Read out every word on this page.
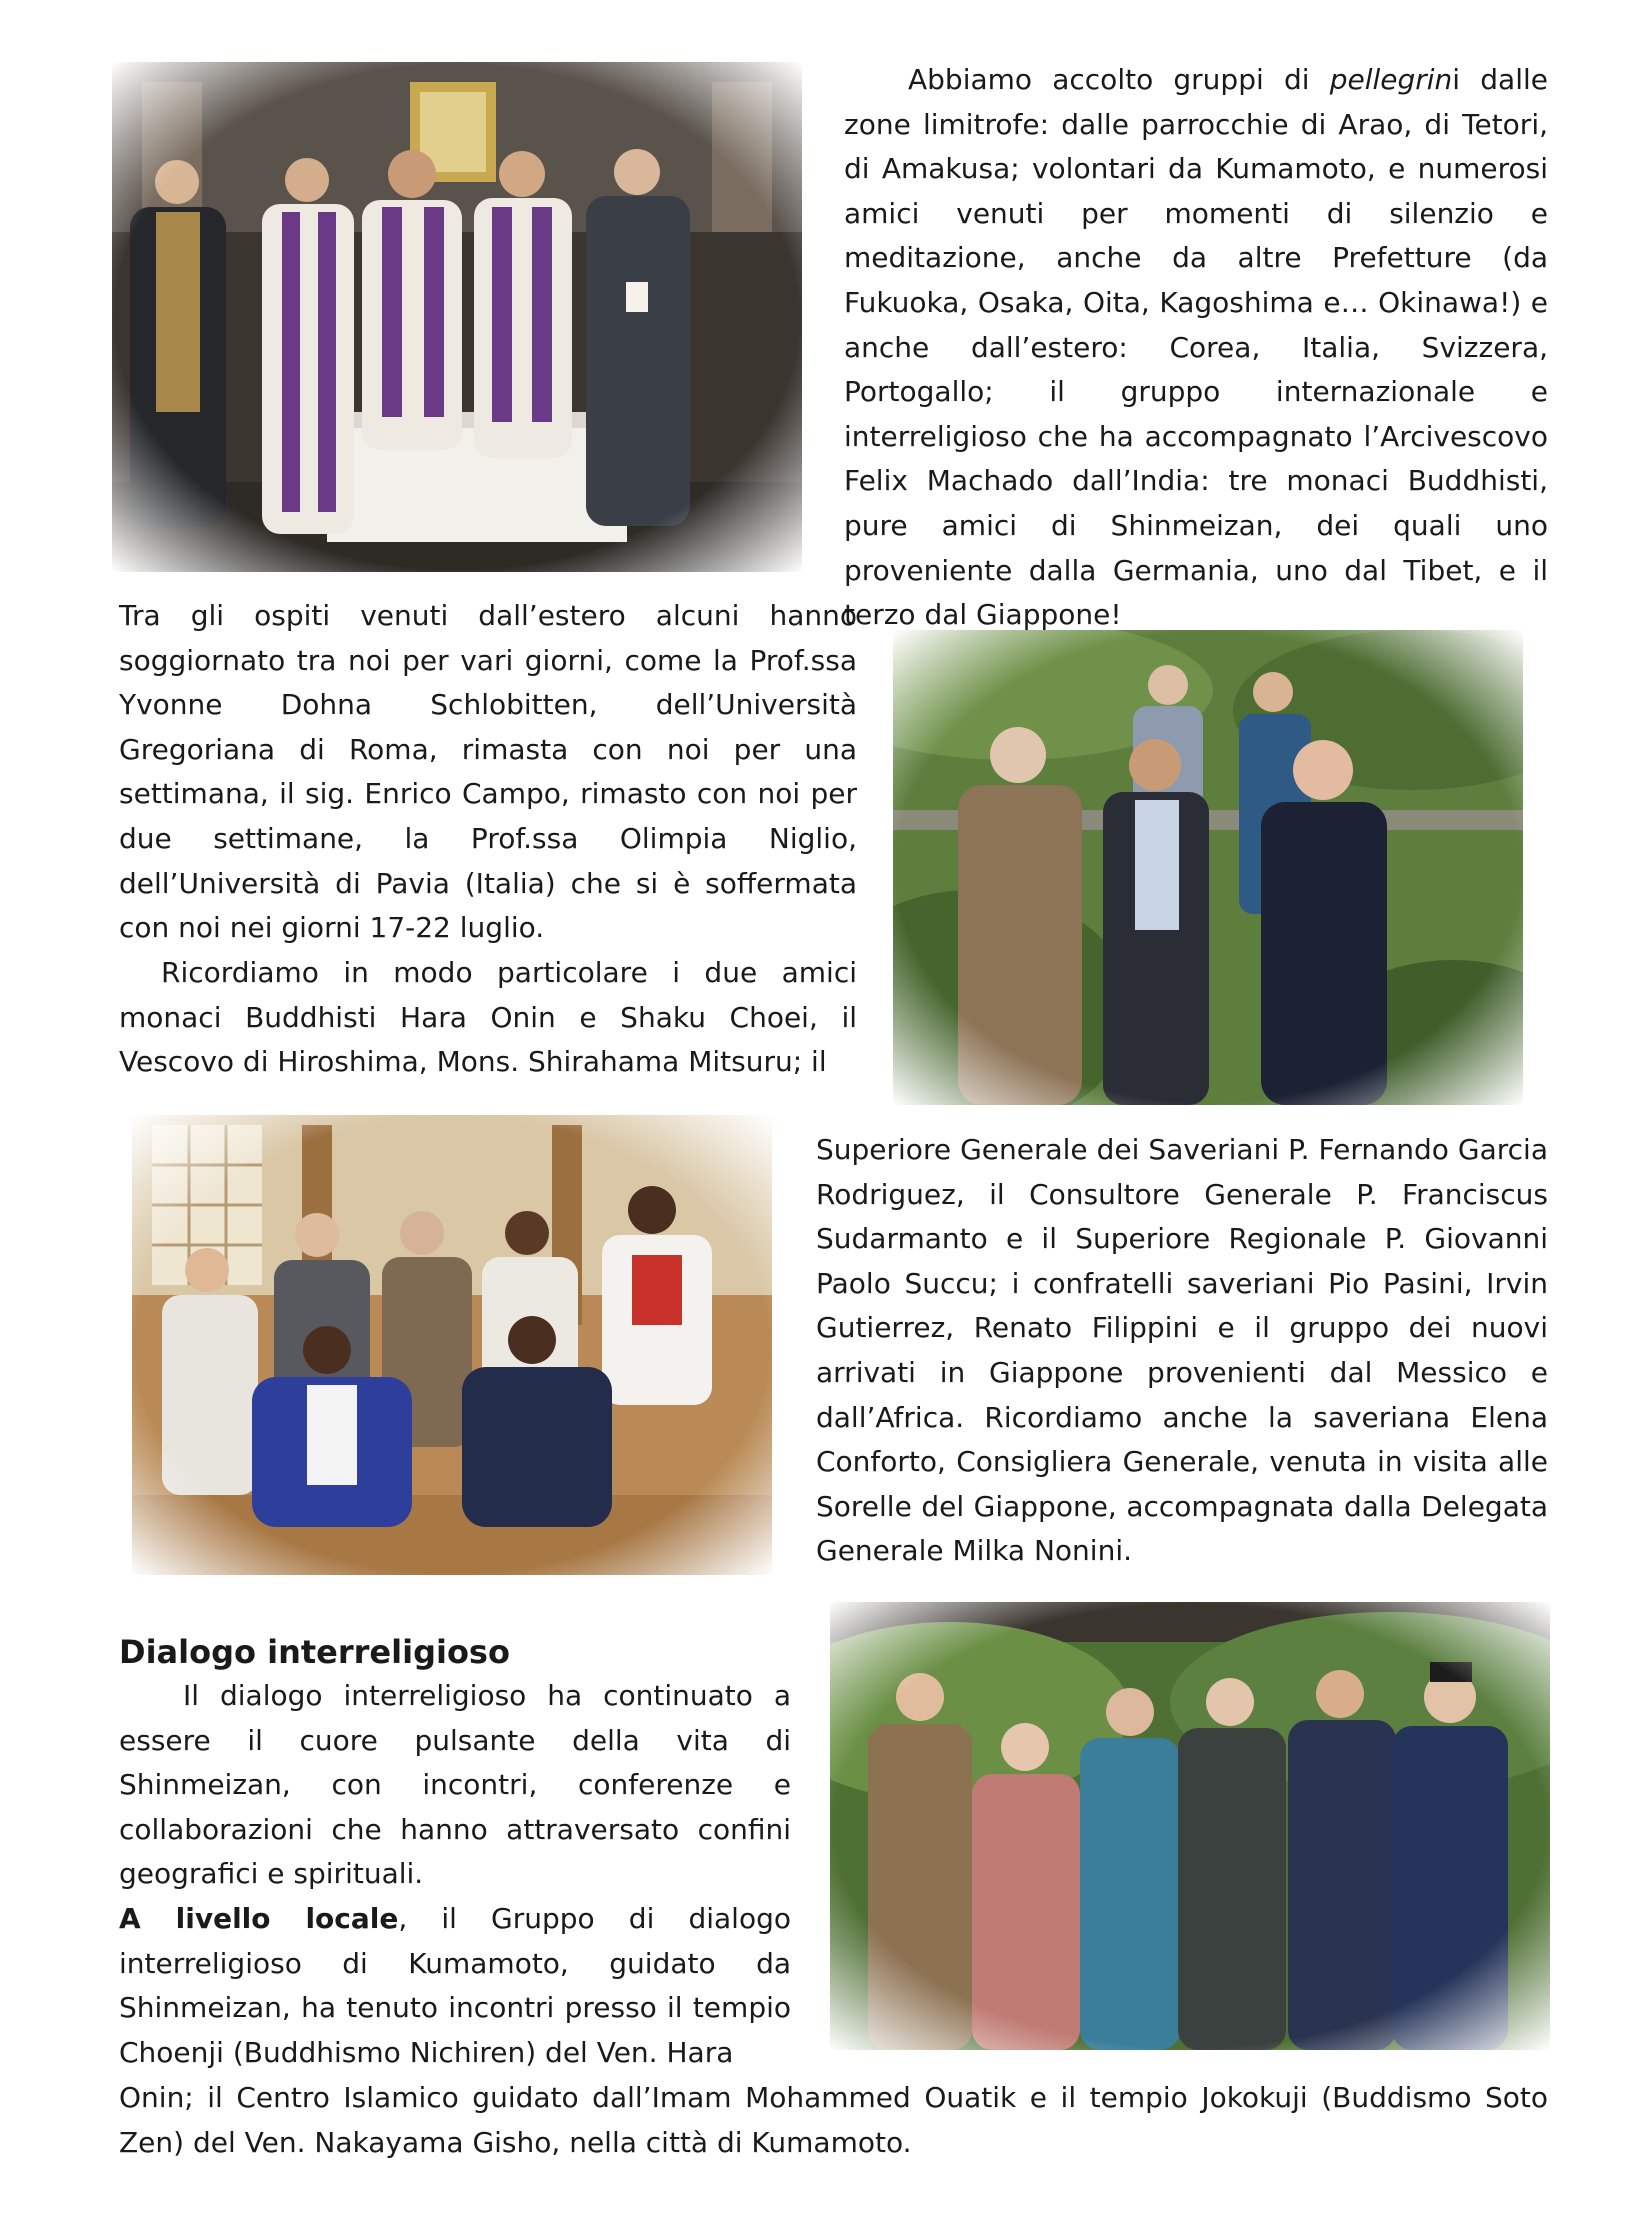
Abbiamo accolto gruppi di pellegrini dalle zone limitrofe: dalle parrocchie di Arao, di Tetori, di Amakusa; volontari da Kumamoto, e numerosi amici venuti per momenti di silenzio e meditazione, anche da altre Prefetture (da Fukuoka, Osaka, Oita, Kagoshima e… Okinawa!) e anche dall’estero: Corea, Italia, Svizzera, Portogallo; il gruppo internazionale e interreligioso che ha accompagnato l’Arcivescovo Felix Machado dall’India: tre monaci Buddhisti, pure amici di Shinmeizan, dei quali uno proveniente dalla Germania, uno dal Tibet, e il terzo dal Giappone!

Tra gli ospiti venuti dall’estero alcuni hanno soggiornato tra noi per vari giorni, come la Prof.ssa Yvonne Dohna Schlobitten, dell’Università Gregoriana di Roma, rimasta con noi per una settimana, il sig. Enrico Campo, rimasto con noi per due settimane, la Prof.ssa Olimpia Niglio, dell’Università di Pavia (Italia) che si è soffermata con noi nei giorni 17-22 luglio.

Ricordiamo in modo particolare i due amici monaci Buddhisti Hara Onin e Shaku Choei, il Vescovo di Hiroshima, Mons. Shirahama Mitsuru; il

Superiore Generale dei Saveriani P. Fernando Garcia Rodriguez, il Consultore Generale P. Franciscus Sudarmanto e il Superiore Regionale P. Giovanni Paolo Succu; i confratelli saveriani Pio Pasini, Irvin Gutierrez, Renato Filippini e il gruppo dei nuovi arrivati in Giappone provenienti dal Messico e dall’Africa. Ricordiamo anche la saveriana Elena Conforto, Consigliera Generale, venuta in visita alle Sorelle del Giappone, accompagnata dalla Delegata Generale Milka Nonini.

Dialogo interreligioso

Il dialogo interreligioso ha continuato a essere il cuore pulsante della vita di Shinmeizan, con incontri, conferenze e collaborazioni che hanno attraversato confini geografici e spirituali.

A livello locale, il Gruppo di dialogo interreligioso di Kumamoto, guidato da Shinmeizan, ha tenuto incontri presso il tempio Choenji (Buddhismo Nichiren) del Ven. Hara

Onin; il Centro Islamico guidato dall’Imam Mohammed Ouatik e il tempio Jokokuji (Buddismo Soto Zen) del Ven. Nakayama Gisho, nella città di Kumamoto.
